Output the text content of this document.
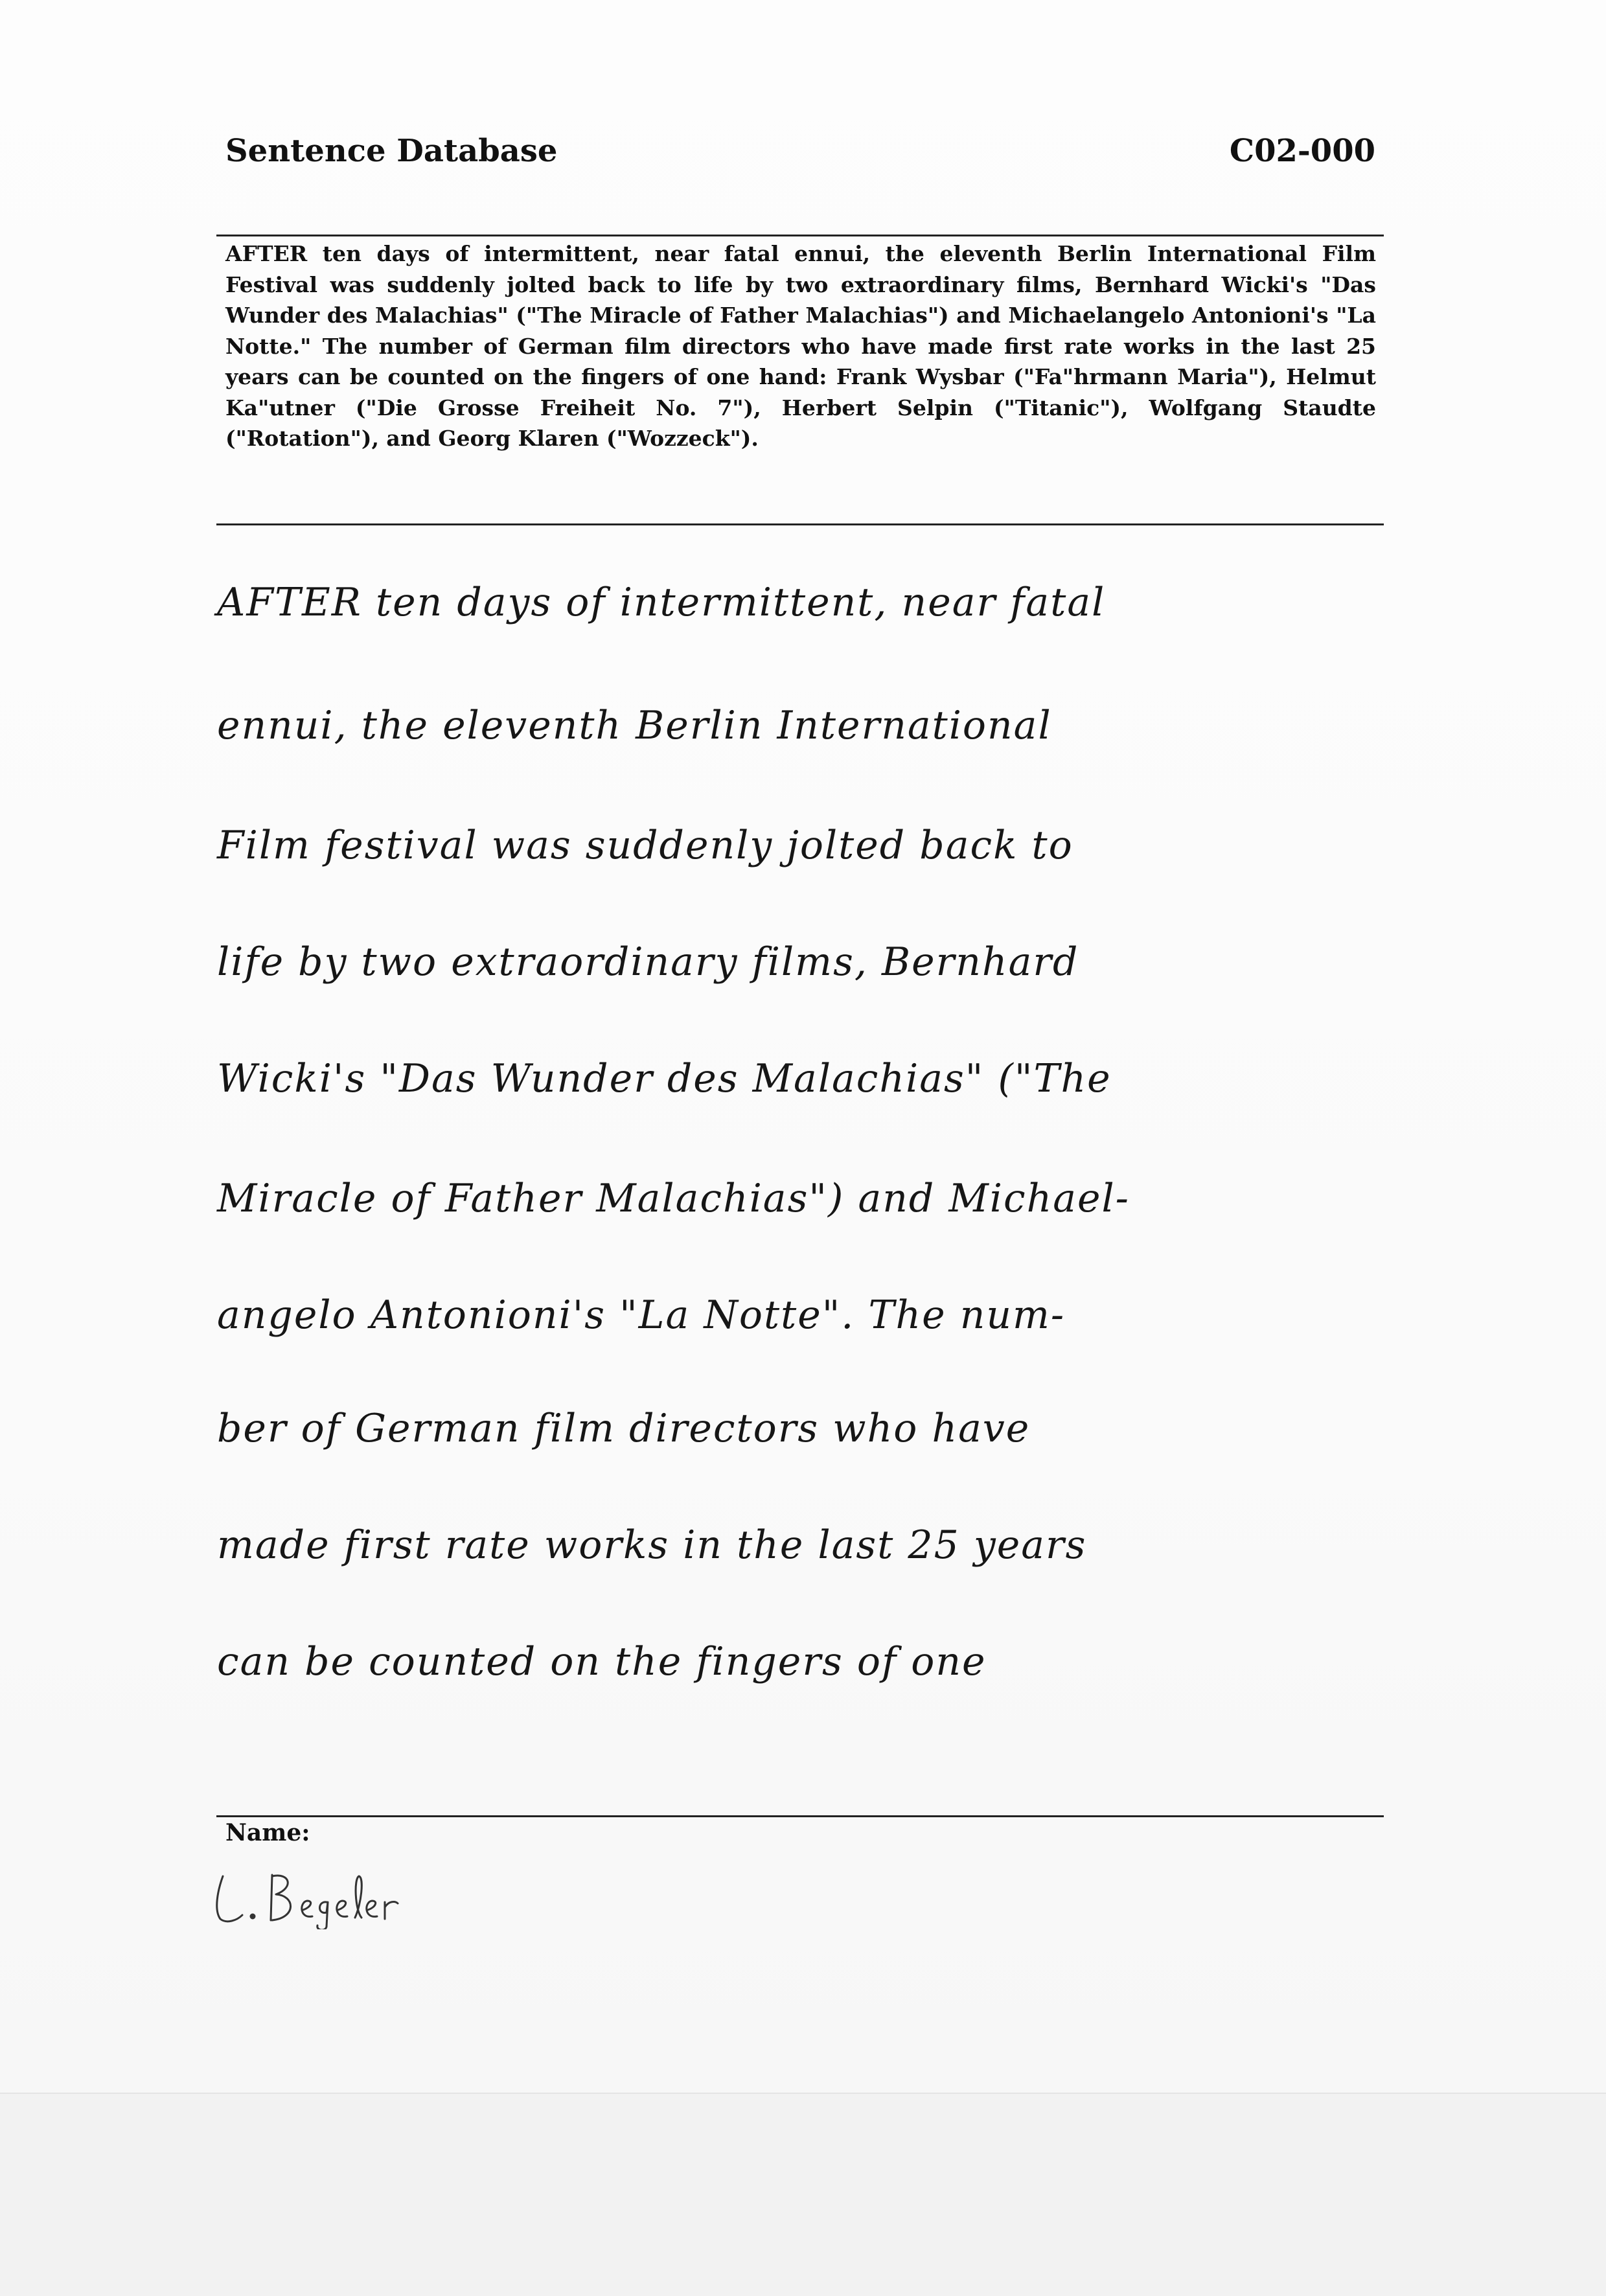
Sentence Database	C02-000

AFTER ten days of intermittent, near fatal ennui, the eleventh Berlin International Film Festival was suddenly jolted back to life by two extraordinary films, Bernhard Wicki's "Das Wunder des Malachias" ("The Miracle of Father Malachias") and Michaelangelo Antonioni's "La Notte." The number of German film directors who have made first rate works in the last 25 years can be counted on the fingers of one hand: Frank Wysbar ("Fa"hrmann Maria"), Helmut Ka"utner ("Die Grosse Freiheit No. 7"), Herbert Selpin ("Titanic"), Wolfgang Staudte ("Rotation"), and Georg Klaren ("Wozzeck").

AFTER ten days of intermittent, near fatal
ennui, the eleventh Berlin International
Film festival was suddenly jolted back to
life by two extraordinary films, Bernhard
Wicki's "Das Wunder des Malachias" ("The
Miracle of Father Malachias") and Michael-
angelo Antonioni's "La Notte". The num-
ber of German film directors who have
made first rate works in the last 25 years
can be counted on the fingers of one
Name:
